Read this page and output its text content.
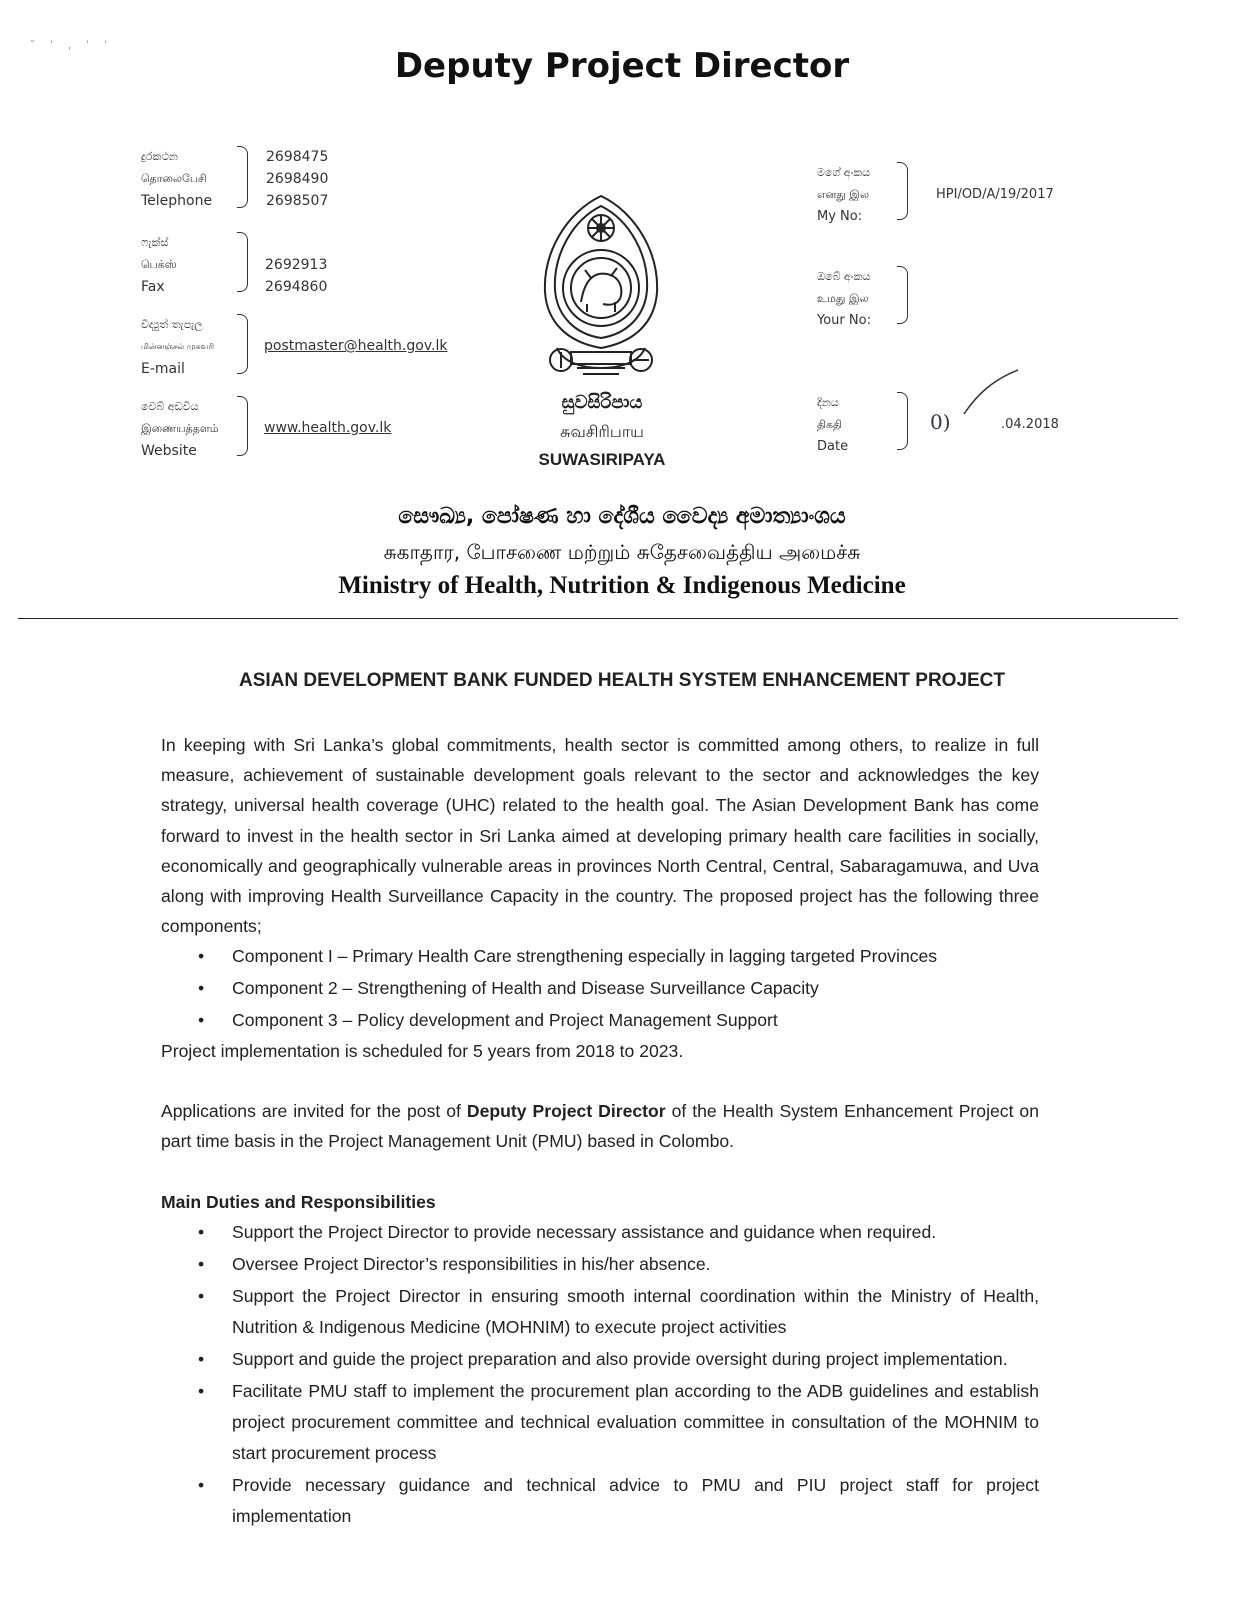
˘ ˈ ˌ ˈ ˈ
Deputy Project Director
දුරකථන
தொலைபேசி
Telephone
2698475
2698490
2698507
ෆැක්ස්
பெக்ஸ்
Fax
2692913
2694860
විද්‍යුත් තැපැල
மின்னஞ்சல் முகவரி
E-mail
postmaster@health.gov.lk
වෙබ් අඩවිය
இணையத்தளம்
Website
www.health.gov.lk
සුවසිරිපාය
சுவசிரிபாய
SUWASIRIPAYA
මගේ අංකය
எனது இல
My No:
HPI/OD/A/19/2017
ඔබේ අංකය
உமது இல
Your No:
දිනය
திகதி
Date
.04.2018
0)
සෞඛ්‍ය, පෝෂණ හා දේශීය වෛද්‍ය අමාත්‍යාංශය
சுகாதார, போசணை மற்றும் சுதேசவைத்திய அமைச்சு
Ministry of Health, Nutrition & Indigenous Medicine
ASIAN DEVELOPMENT BANK FUNDED HEALTH SYSTEM ENHANCEMENT PROJECT
In keeping with Sri Lanka’s global commitments, health sector is committed among others, to realize in full measure, achievement of sustainable development goals relevant to the sector and acknowledges the key strategy, universal health coverage (UHC) related to the health goal. The Asian Development Bank has come forward to invest in the health sector in Sri Lanka aimed at developing primary health care facilities in socially, economically and geographically vulnerable areas in provinces North Central, Central, Sabaragamuwa, and Uva along with improving Health Surveillance Capacity in the country. The proposed project has the following three components;
• Component I – Primary Health Care strengthening especially in lagging targeted Provinces
• Component 2 – Strengthening of Health and Disease Surveillance Capacity
• Component 3 – Policy development and Project Management Support
Project implementation is scheduled for 5 years from 2018 to 2023.
Applications are invited for the post of Deputy Project Director of the Health System Enhancement Project on part time basis in the Project Management Unit (PMU) based in Colombo.
Main Duties and Responsibilities
• Support the Project Director to provide necessary assistance and guidance when required.
• Oversee Project Director’s responsibilities in his/her absence.
• Support the Project Director in ensuring smooth internal coordination within the Ministry of Health, Nutrition & Indigenous Medicine (MOHNIM) to execute project activities
• Support and guide the project preparation and also provide oversight during project implementation.
• Facilitate PMU staff to implement the procurement plan according to the ADB guidelines and establish project procurement committee and technical evaluation committee in consultation of the MOHNIM to start procurement process
• Provide necessary guidance and technical advice to PMU and PIU project staff for project implementation
